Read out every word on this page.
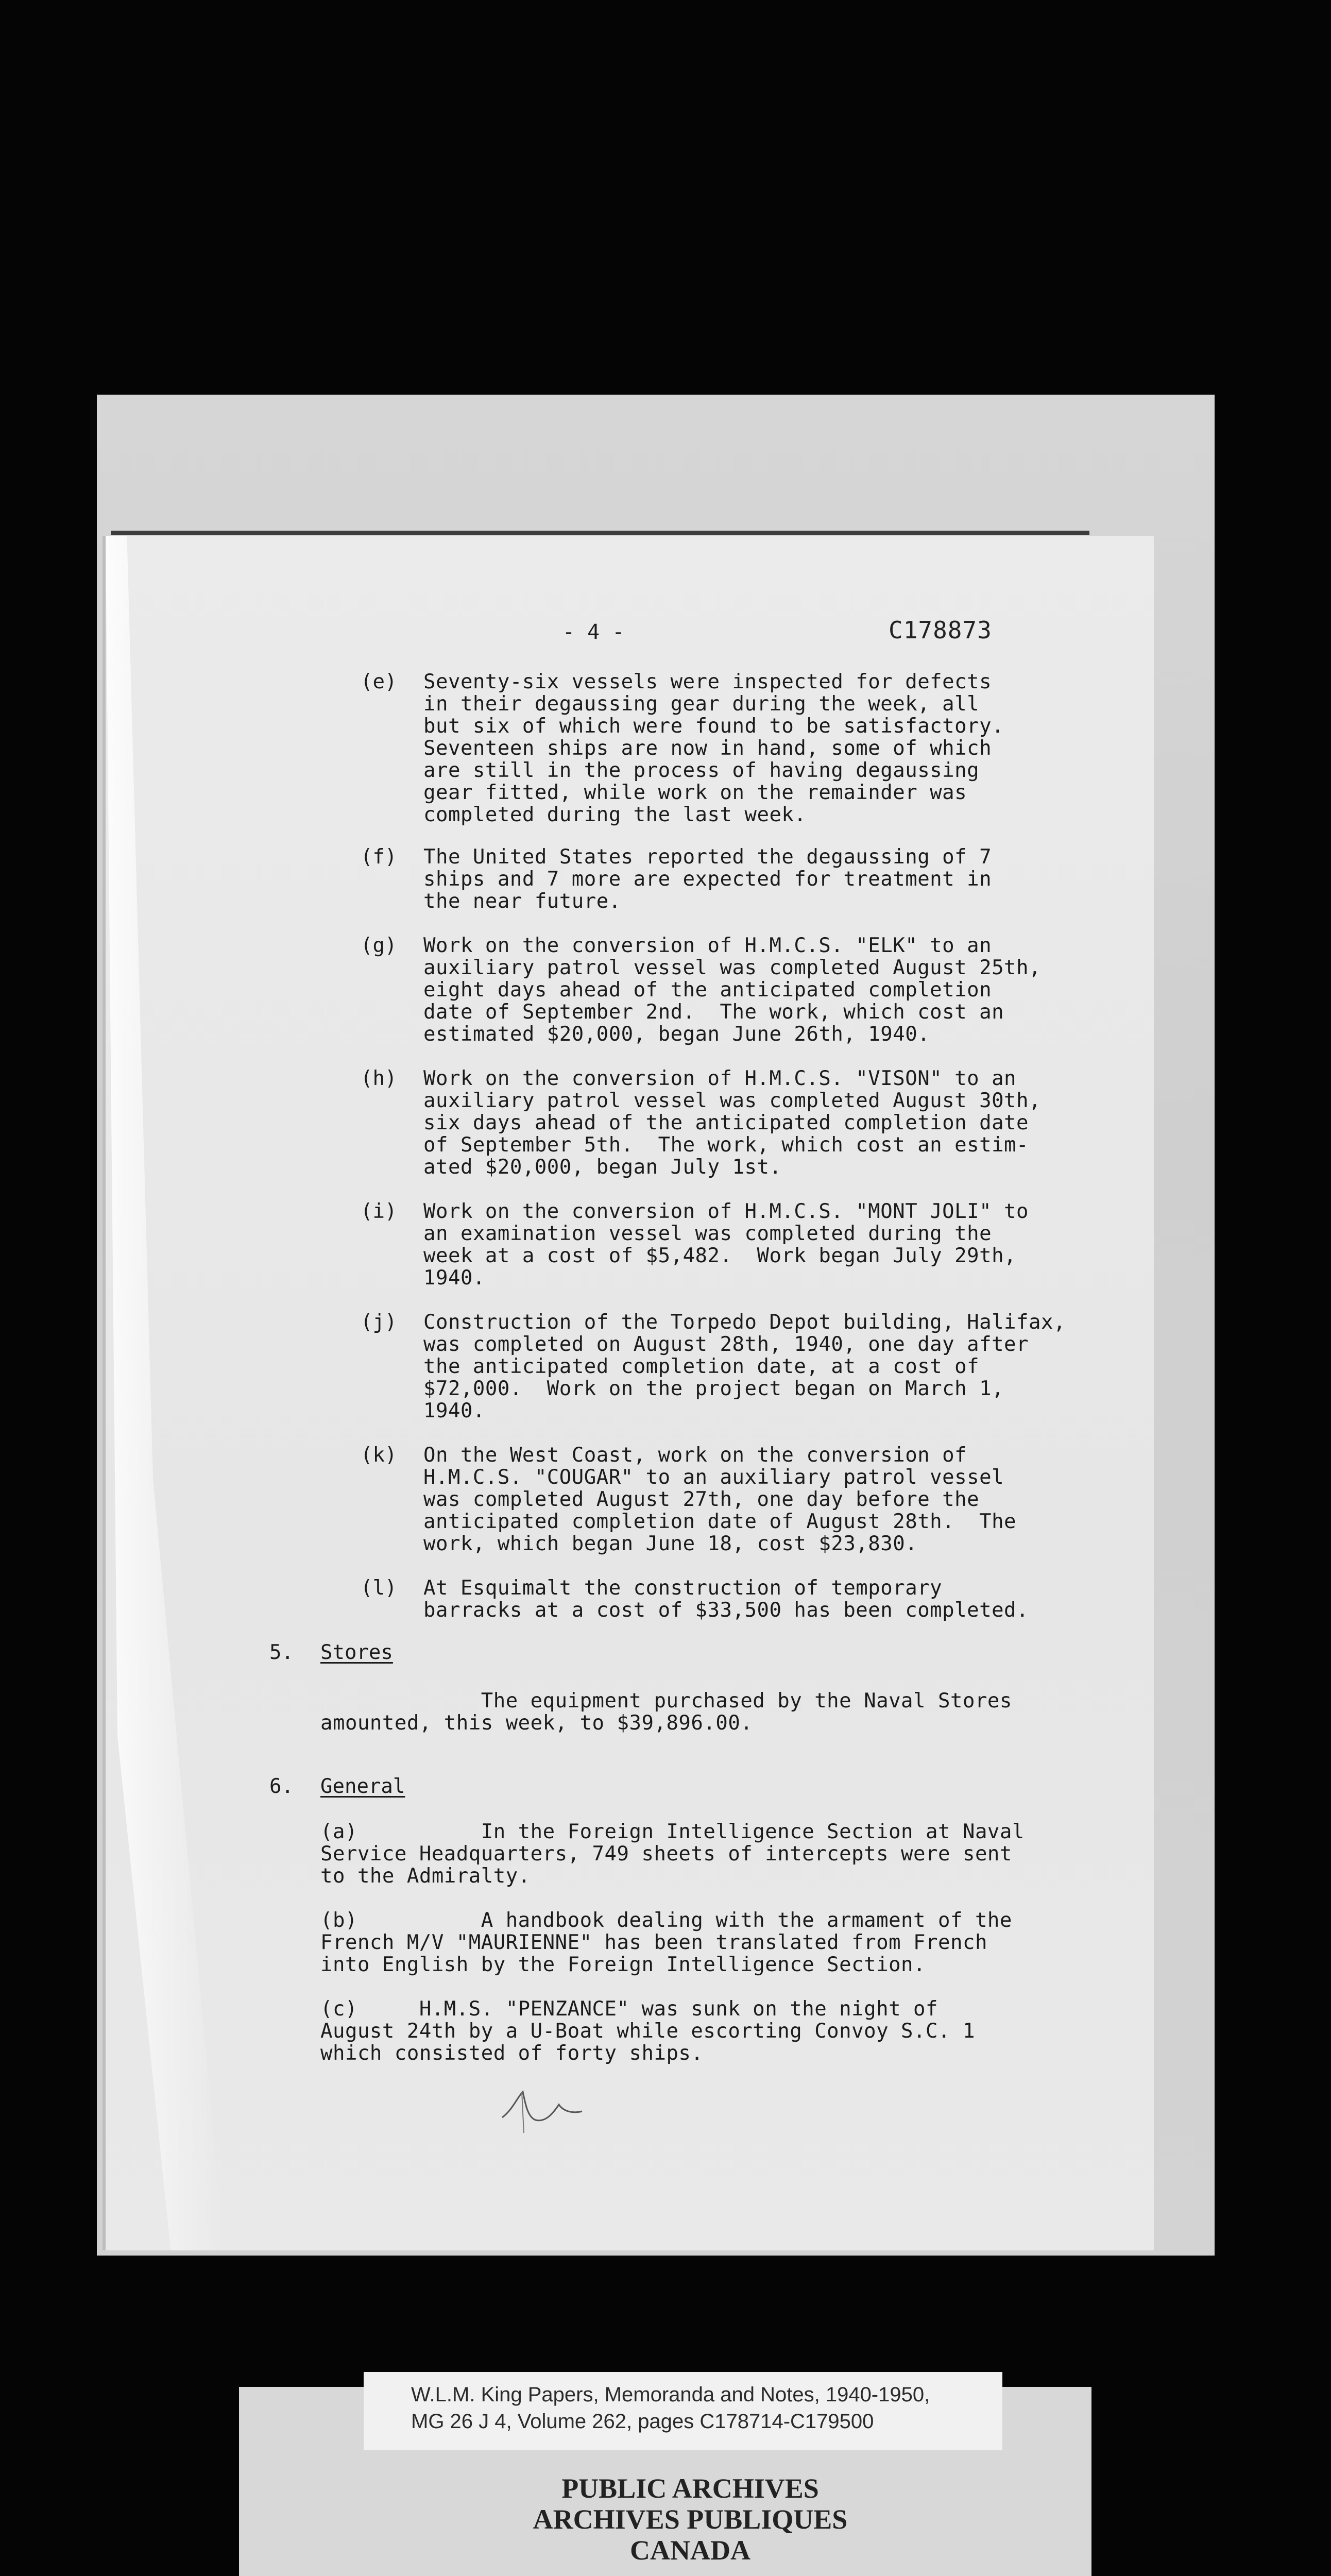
- 4 -	C178873
(e) Seventy-six vessels were inspected for defects
in their degaussing gear during the week, all
but six of which were found to be satisfactory.
Seventeen ships are now in hand, some of which
are still in the process of having degaussing
gear fitted, while work on the remainder was
completed during the last week.
(f) The United States reported the degaussing of 7
ships and 7 more are expected for treatment in
the near future.
(g) Work on the conversion of H.M.C.S. "ELK" to an
auxiliary patrol vessel was completed August 25th,
eight days ahead of the anticipated completion
date of September 2nd.  The work, which cost an
estimated $20,000, began June 26th, 1940.
(h) Work on the conversion of H.M.C.S. "VISON" to an
auxiliary patrol vessel was completed August 30th,
six days ahead of the anticipated completion date
of September 5th.  The work, which cost an estim-
ated $20,000, began July 1st.
(i) Work on the conversion of H.M.C.S. "MONT JOLI" to
an examination vessel was completed during the
week at a cost of $5,482.  Work began July 29th,
1940.
(j) Construction of the Torpedo Depot building, Halifax,
was completed on August 28th, 1940, one day after
the anticipated completion date, at a cost of
$72,000.  Work on the project began on March 1,
1940.
(k) On the West Coast, work on the conversion of
H.M.C.S. "COUGAR" to an auxiliary patrol vessel
was completed August 27th, one day before the
anticipated completion date of August 28th.  The
work, which began June 18, cost $23,830.
(l) At Esquimalt the construction of temporary
barracks at a cost of $33,500 has been completed.
5. Stores
The equipment purchased by the Naval Stores
amounted, this week, to $39,896.00.
6. General
(a)          In the Foreign Intelligence Section at Naval
Service Headquarters, 749 sheets of intercepts were sent
to the Admiralty.
(b)          A handbook dealing with the armament of the
French M/V "MAURIENNE" has been translated from French
into English by the Foreign Intelligence Section.
(c)     H.M.S. "PENZANCE" was sunk on the night of
August 24th by a U-Boat while escorting Convoy S.C. 1
which consisted of forty ships.
W.L.M. King Papers, Memoranda and Notes, 1940-1950,
MG 26 J 4, Volume 262, pages C178714-C179500
PUBLIC ARCHIVES
ARCHIVES PUBLIQUES
CANADA
